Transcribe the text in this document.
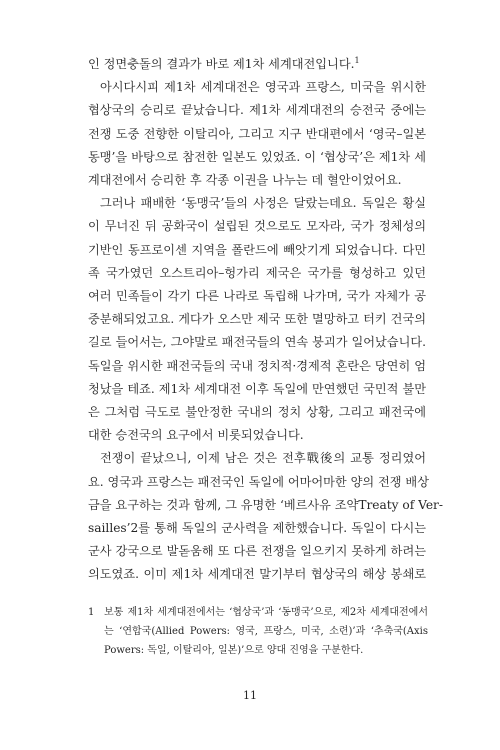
인 정면충돌의 결과가 바로 제1차 세계대전입니다.$^1$
아시다시피 제1차 세계대전은 영국과 프랑스, 미국을 위시한
협상국의 승리로 끝났습니다. 제1차 세계대전의 승전국 중에는
전쟁 도중 전향한 이탈리아, 그리고 지구 반대편에서 ‘영국–일본
동맹’을 바탕으로 참전한 일본도 있었죠. 이 ‘협상국’은 제1차 세
계대전에서 승리한 후 각종 이권을 나누는 데 혈안이었어요.
그러나 패배한 ‘동맹국’들의 사정은 달랐는데요. 독일은 황실
이 무너진 뒤 공화국이 설립된 것으로도 모자라, 국가 정체성의
기반인 동프로이센 지역을 폴란드에 빼앗기게 되었습니다. 다민
족 국가였던 오스트리아–헝가리 제국은 국가를 형성하고 있던
여러 민족들이 각기 다른 나라로 독립해 나가며, 국가 자체가 공
중분해되었고요. 게다가 오스만 제국 또한 멸망하고 터키 건국의
길로 들어서는, 그야말로 패전국들의 연속 붕괴가 일어났습니다.
독일을 위시한 패전국들의 국내 정치적·경제적 혼란은 당연히 엄
청났을 테죠. 제1차 세계대전 이후 독일에 만연했던 국민적 불만
은 그처럼 극도로 불안정한 국내의 정치 상황, 그리고 패전국에
대한 승전국의 요구에서 비롯되었습니다.
전쟁이 끝났으니, 이제 남은 것은 전후戰後의 교통 정리였어
요. 영국과 프랑스는 패전국인 독일에 어마어마한 양의 전쟁 배상
금을 요구하는 것과 함께, 그 유명한 ‘베르사유 조약Treaty of Ver-
sailles’2를 통해 독일의 군사력을 제한했습니다. 독일이 다시는
군사 강국으로 발돋움해 또 다른 전쟁을 일으키지 못하게 하려는
의도였죠. 이미 제1차 세계대전 말기부터 협상국의 해상 봉쇄로
1 보통 제1차 세계대전에서는 ‘협상국’과 ‘동맹국’으로, 제2차 세계대전에서
는 ‘연합국(Allied Powers: 영국, 프랑스, 미국, 소련)’과 ‘추축국(Axis
Powers: 독일, 이탈리아, 일본)’으로 양대 진영을 구분한다.
11
